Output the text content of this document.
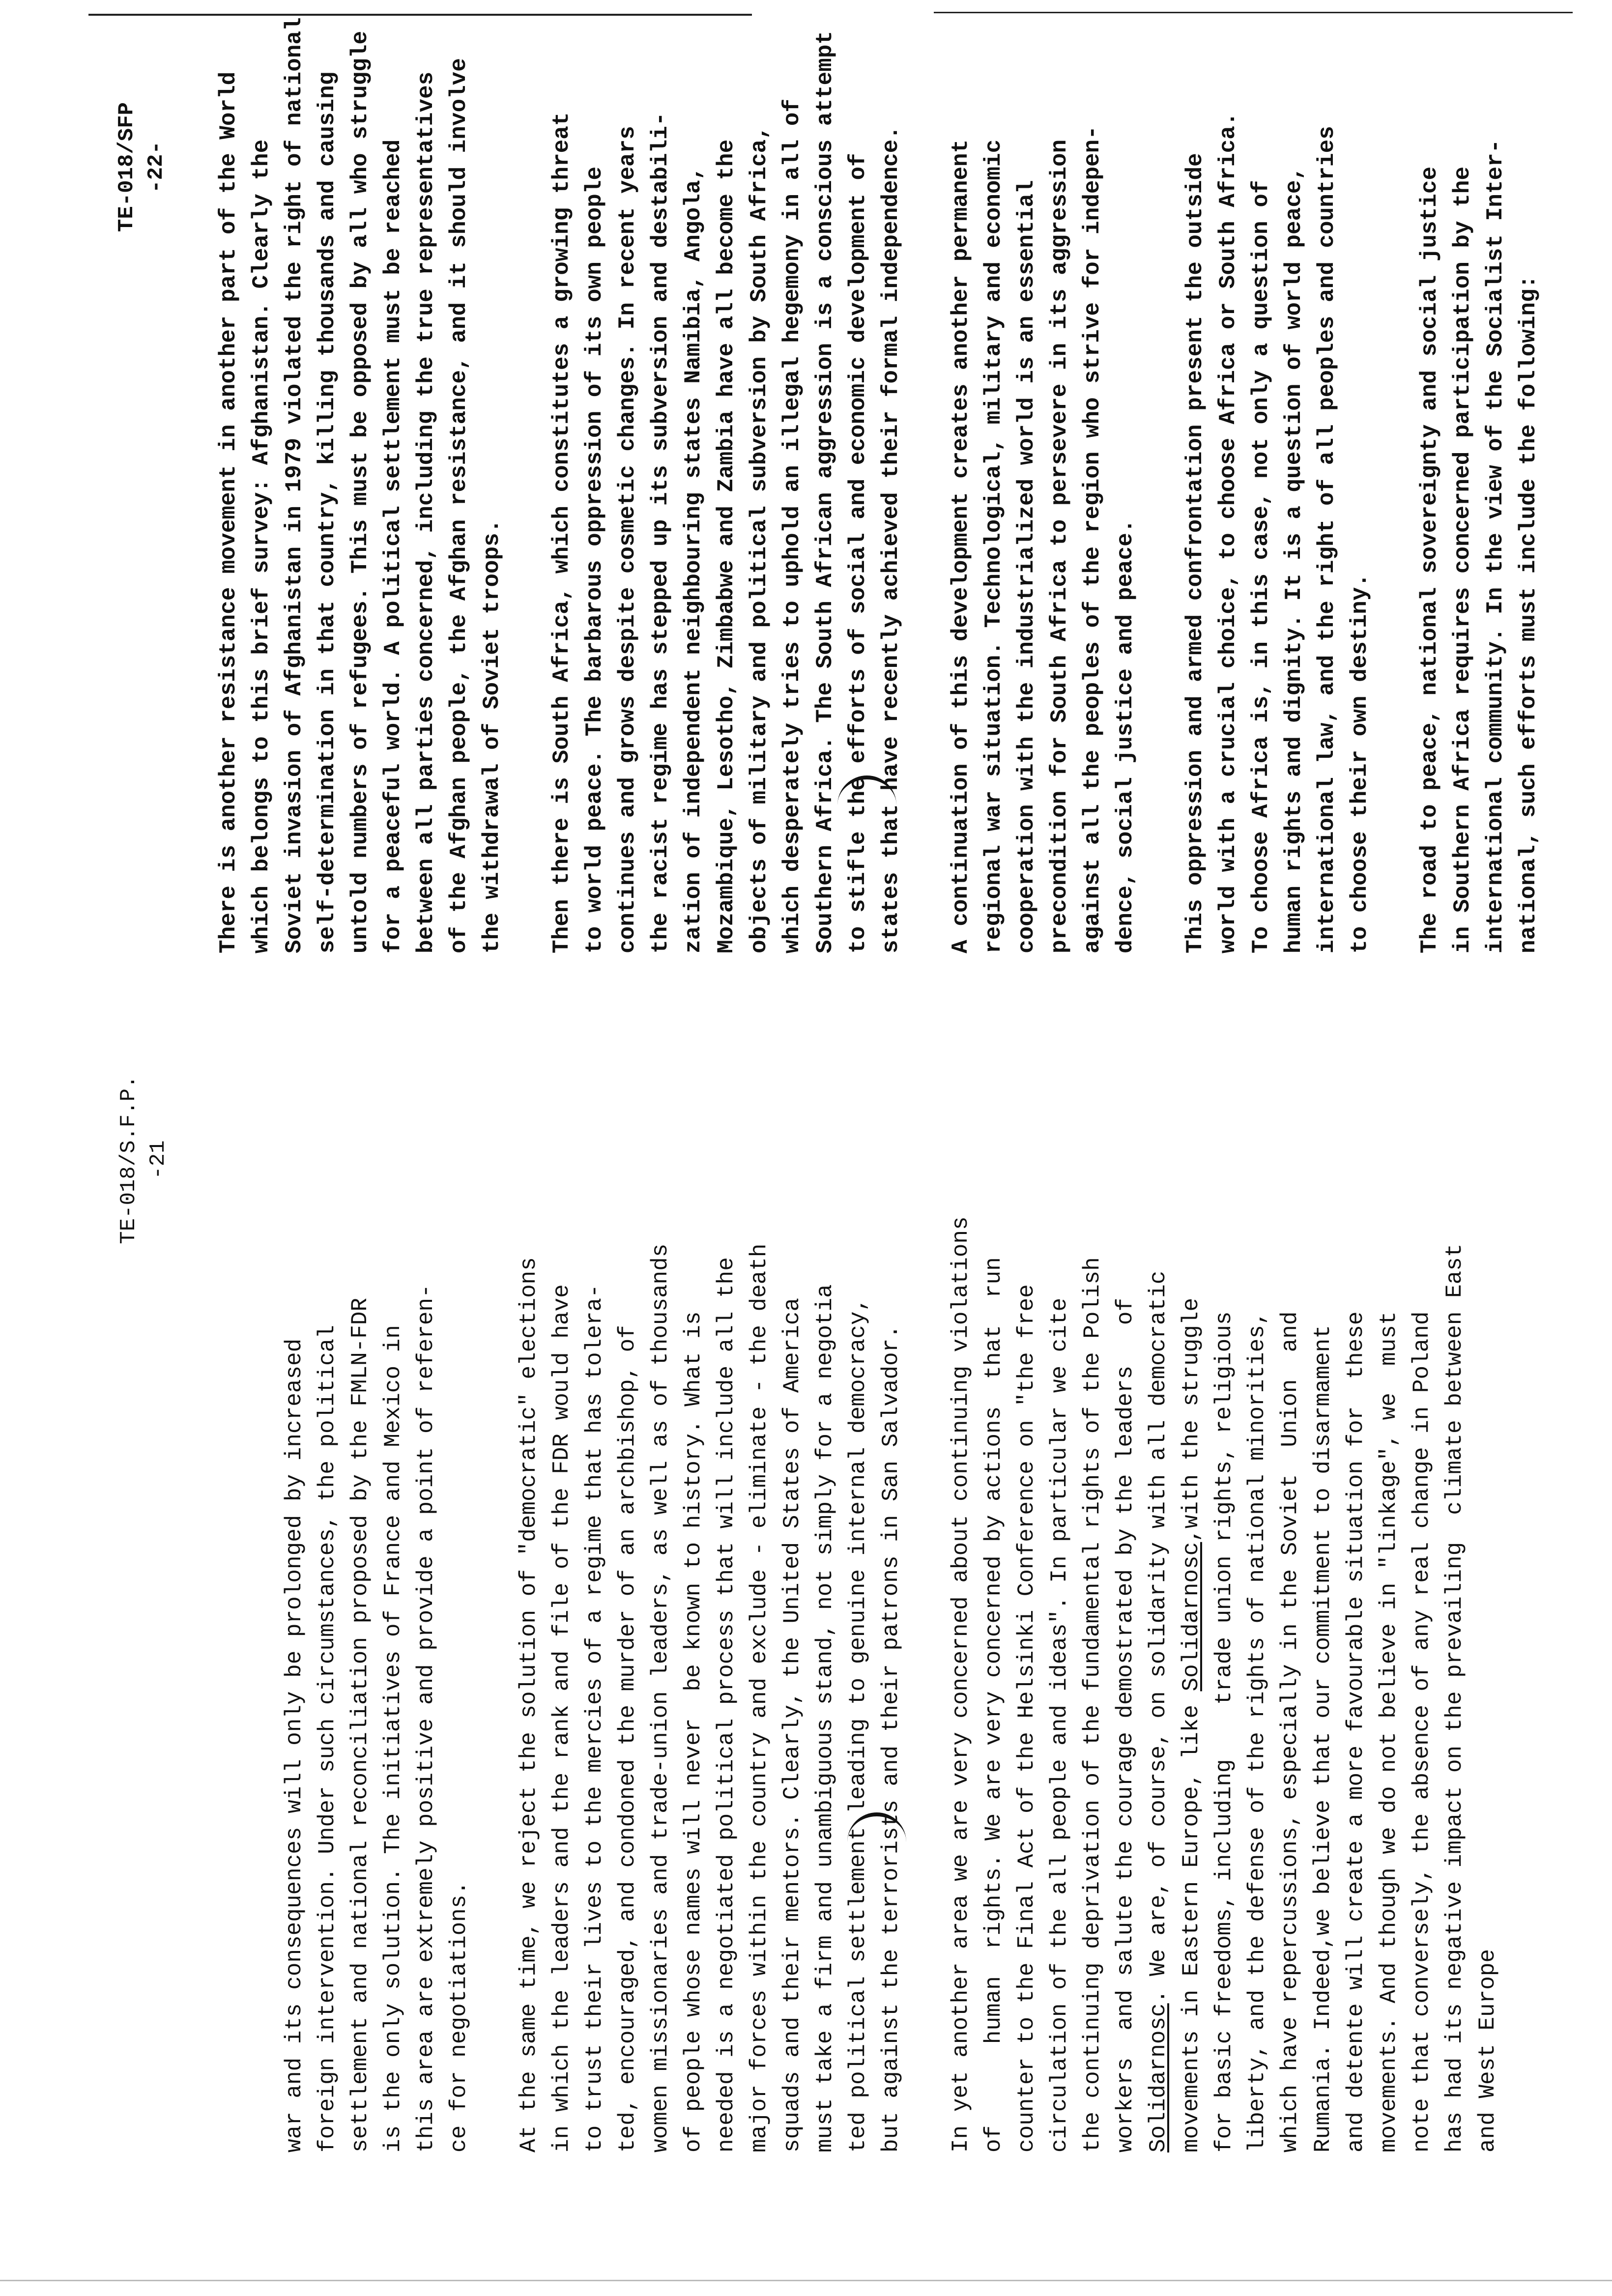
TE-018/S.F.P. -21
war and its consequences will only be prolonged by increased foreign intervention. Under such circumstances, the political settlement and national reconciliation proposed by the FMLN-FDR is the only solution. The initiatives of France and Mexico in this area are extremely positive and provide a point of referen- ce for negotiations. At the same time, we reject the solution of "democratic" elections in which the leaders and the rank and file of the FDR would have to trust their lives to the mercies of a regime that has tolera- ted, encouraged, and condoned the murder of an archbishop, of women missionaries and trade-union leaders, as well as of thousands of people whose names will never  be known to history. What is needed is a negotiated political process that will include all the major forces within the country and exclude - eliminate - the death squads and their mentors. Clearly, the United States of America must take a firm and unambiguous stand, not simply for a negotia ted political settlement leading to genuine internal democracy, but against the terrorists and their patrons in San Salvador. In yet another area we are very concerned about continuing violations of      human  rights. We are very concerned by actions  that  run counter to the Final Act of the Helsinki Conference on "the free circulation of the all people and ideas". In particular we cite the continuing deprivation of the fundamental rights of the Polish workers  and salute the courage demostrated by the leaders   of Solidarnosc. We are, of course, on solidarity with all democratic movements in Eastern Europe, like Solidarnosc,with the struggle for basic freedoms, including    trade union rights, religious liberty, and the defense of the rights of national minorities, which have repercussions, especially in the Soviet  Union  and Rumania. Indeed,we believe that our commitment to disarmament and detente will create a more favourable situation for  these movements. And though we do not believe in "linkage", we  must note that conversely, the absence of any real change in Poland has had its negative impact on the prevailing  climate between East and West Europe
TE-018/SFP -22- There is another resistance movement in another part of the World which belongs to this brief survey: Afghanistan. Clearly the Soviet invasion of Afghanistan in 1979 violated the right of national self-determination in that country, killing thousands and causing untold numbers of refugees. This must be opposed by all who struggle for a peaceful world. A political settlement must be reached between all parties concerned, including the true representatives of the Afghan people, the Afghan resistance, and it should involve the withdrawal of Soviet troops. Then there is South Africa, which constitutes a growing threat to world peace. The barbarous oppression of its own people continues and grows despite cosmetic changes. In recent years the racist regime has stepped up its subversion and destabili- zation of independent neighbouring states Namibia, Angola, Mozambique, Lesotho, Zimbabwe and Zambia have all become the objects of military and political subversion by South Africa, which desperately tries to uphold an illegal hegemony in all of Southern Africa. The South African aggression is a conscious attempt to stifle the efforts of social and economic development of states that have recently achieved their formal independence. A continuation of this development creates another permanent regional war situation. Technological, military and economic cooperation with the industrialized world is an essential precondition for South Africa to persevere in its aggression against all the peoples of the region who strive for indepen- dence, social justice and peace. This oppression and armed confrontation present the outside world with a crucial choice, to choose Africa or South Africa. To choose Africa is, in this case, not only a question of human rights and dignity. It is a question of world peace, international law, and the right of all peoples and countries to choose their own destiny. The road to peace, national sovereignty and social justice in Southern Africa requires concerned participation by the international community. In the view of the Socialist Inter- national, such efforts must include the following:
